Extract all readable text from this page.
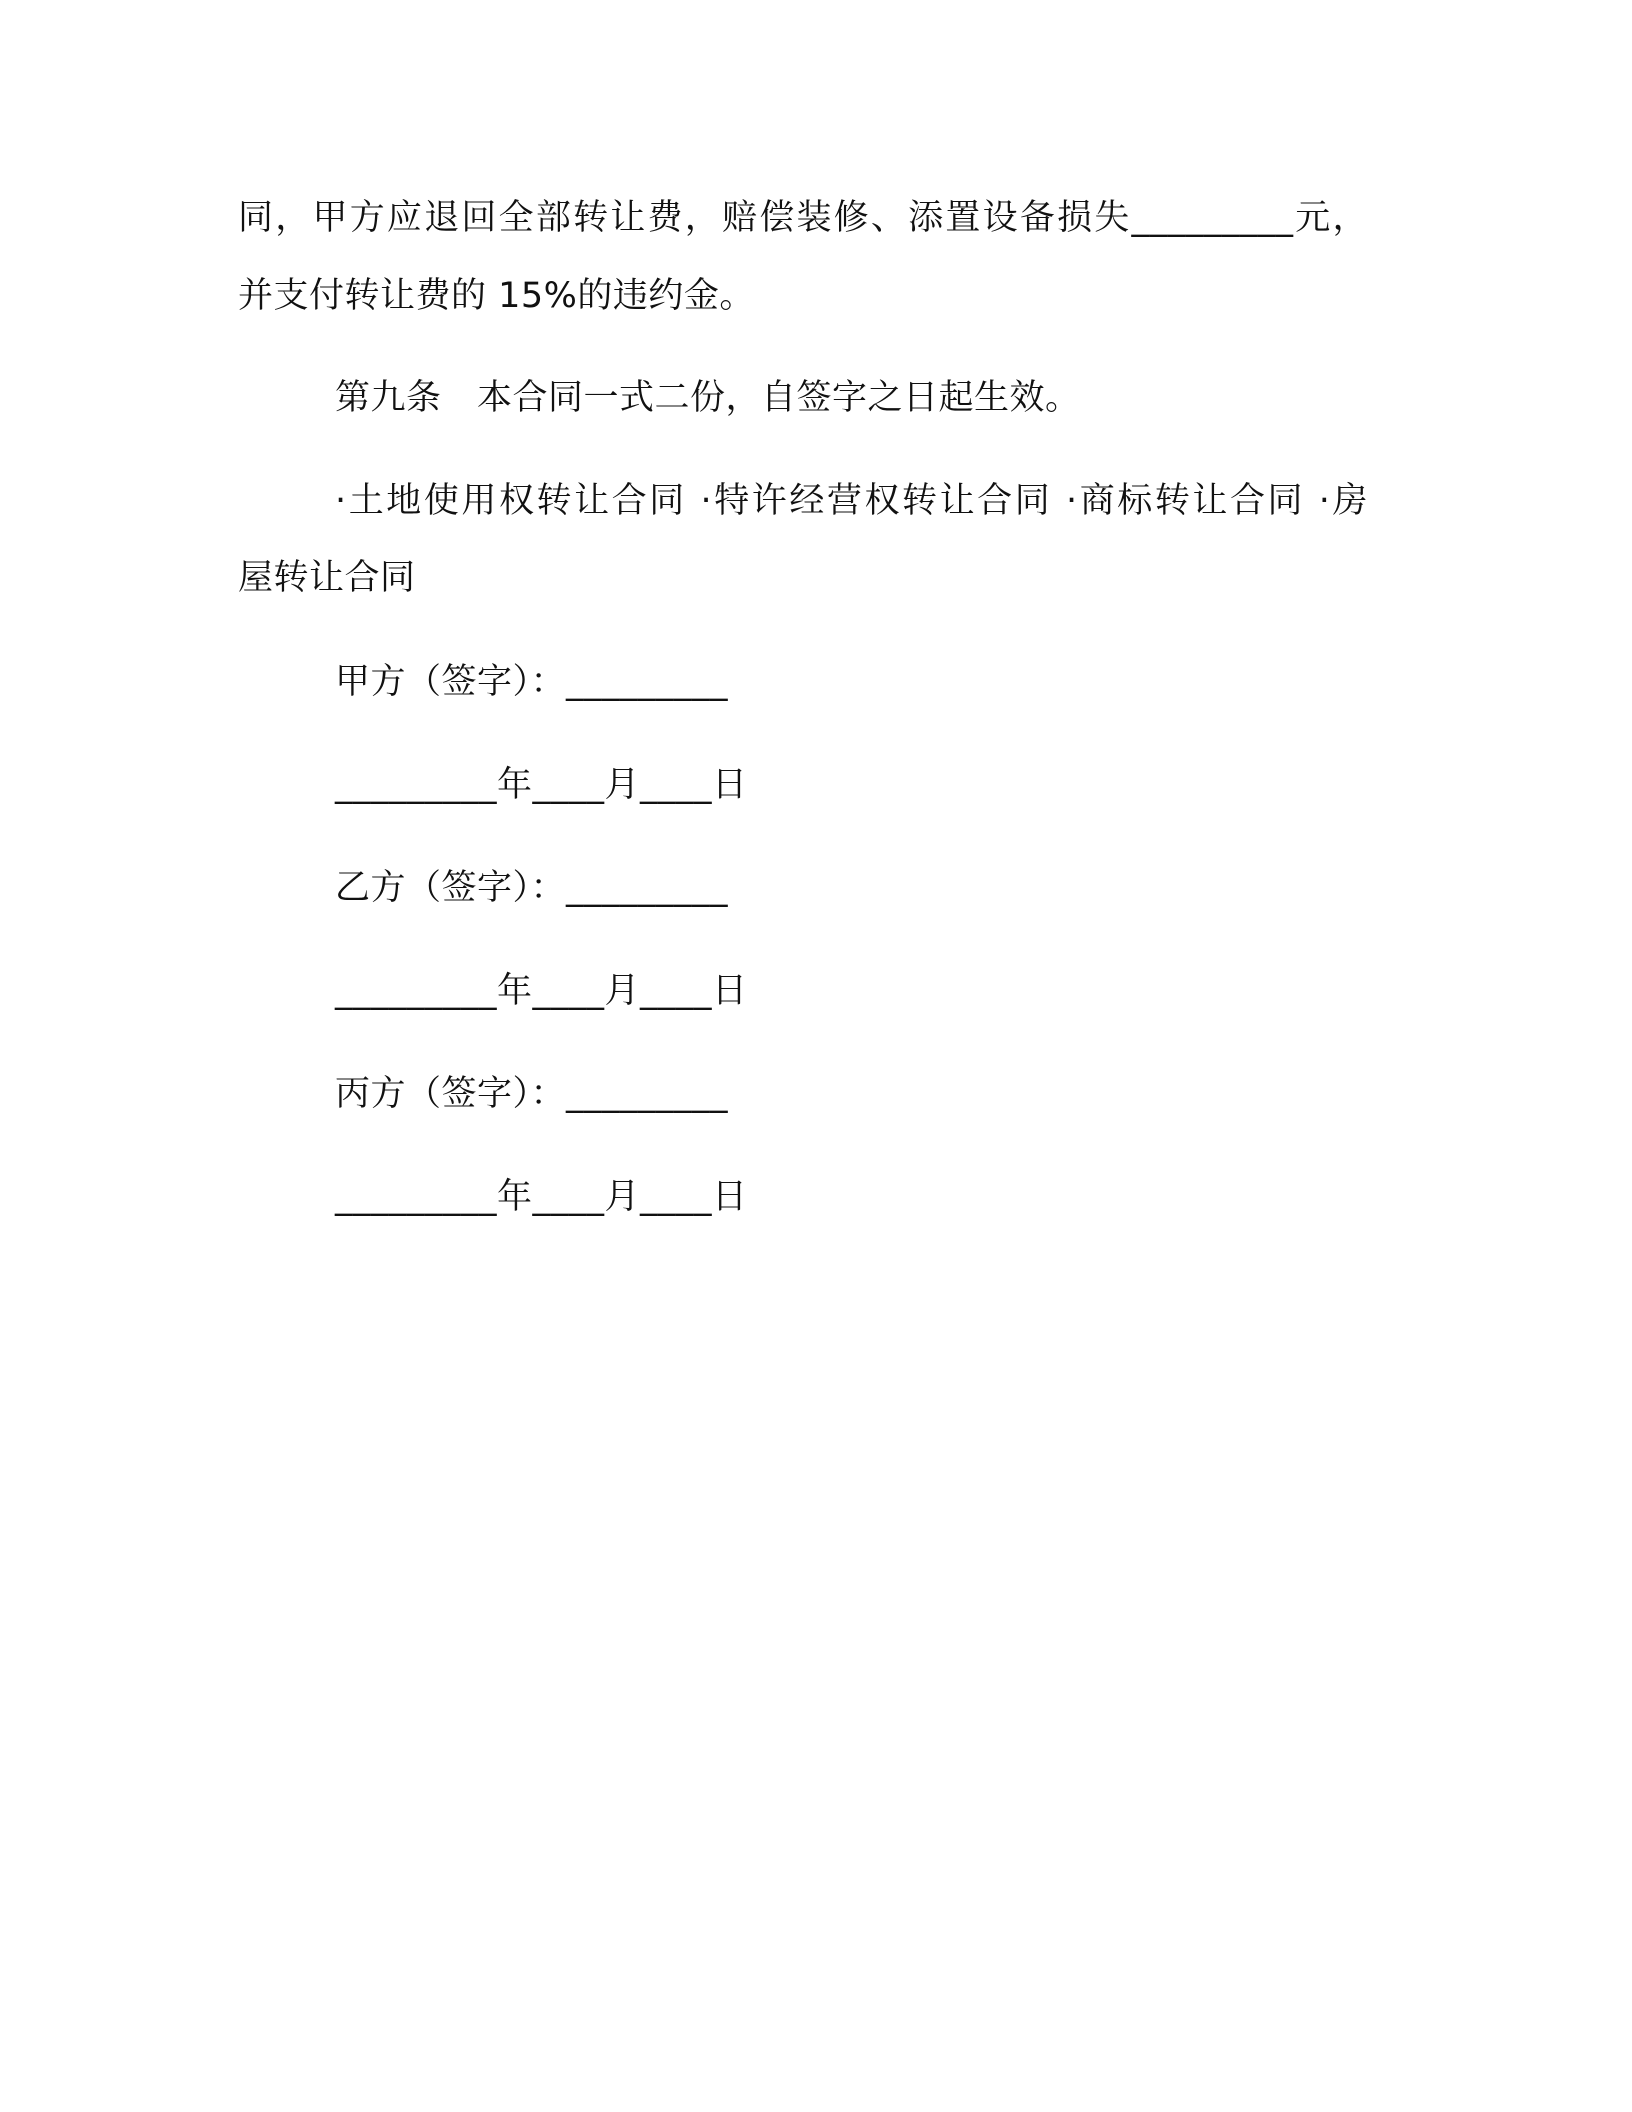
同，甲方应退回全部转让费，赔偿装修、添置设备损失_________元，
并支付转让费的 15%的违约金。
第九条　本合同一式二份，自签字之日起生效。
·土地使用权转让合同 ·特许经营权转让合同 ·商标转让合同 ·房
屋转让合同
甲方（签字）：_________
_________年____月____日
乙方（签字）：_________
_________年____月____日
丙方（签字）：_________
_________年____月____日
